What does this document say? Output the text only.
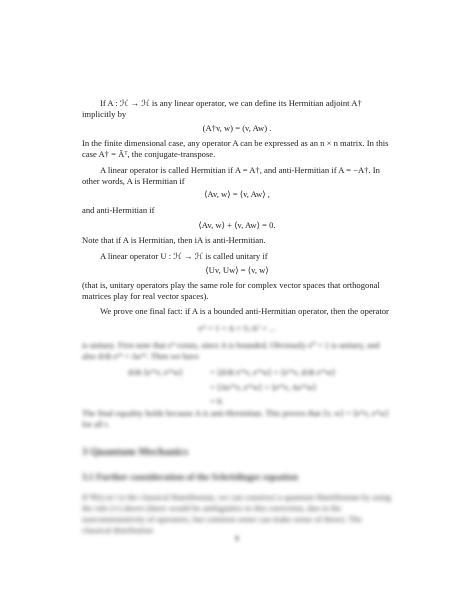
If A : ℋ → ℋ is any linear operator, we can define its Hermitian adjoint A† implicitly by

(A†v, w) = (v, Aw) .

In the finite dimensional case, any operator A can be expressed as an n × n matrix. In this case A† = Āᵀ, the conjugate-transpose.

A linear operator is called Hermitian if A = A†, and anti-Hermitian if A = −A†. In other words, A is Hermitian if

⟨Av, w⟩ = ⟨v, Aw⟩ ,

and anti-Hermitian if

⟨Av, w⟩ + ⟨v, Aw⟩ = 0.

Note that if A is Hermitian, then iA is anti-Hermitian.

A linear operator U : ℋ → ℋ is called unitary if

⟨Uv, Uw⟩ = ⟨v, w⟩

(that is, unitary operators play the same role for complex vector spaces that orthogonal matrices play for real vector spaces).

We prove one final fact: if A is a bounded anti-Hermitian operator, then the operator

eᴬ = 1 + A + ½ A² + ...

is unitary. First note that eᴬ exists, since A is bounded. Obviously e⁰ = 1 is unitary, and also d/dt eᵗᴬ = Aeᵗᴬ. Then we have

d/dt ⟨eᵗᴬv, eᵗᴬw⟩	= ⟨d/dt eᵗᴬv, eᵗᴬw⟩ + ⟨eᵗᴬv, d/dt eᵗᴬw⟩

= ⟨Aeᵗᴬv, eᵗᴬw⟩ + ⟨eᵗᴬv, Aeᵗᴬw⟩

= 0.

The final equality holds because A is anti-Hermitian. This proves that ⟨v, w⟩ = ⟨eᴬv, eᴬw⟩ for all t.

3 Quantum Mechanics

3.1 Further consideration of the Schrödinger equation

If Ψ(t) at t is the classical Hamiltonian, we can construct a quantum Hamiltonian by using the rule (∗) above (there would be ambiguities in this correction, due to the noncommutativity of operators, but common sense can make sense of these). The classical distribution

8
